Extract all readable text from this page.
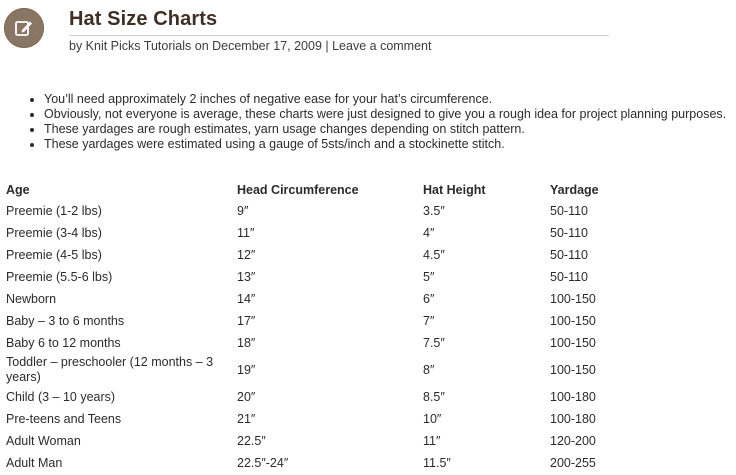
Hat Size Charts
by Knit Picks Tutorials on December 17, 2009 | Leave a comment
• You’ll need approximately 2 inches of negative ease for your hat’s circumference.
• Obviously, not everyone is average, these charts were just designed to give you a rough idea for project planning purposes.
• These yardages are rough estimates, yarn usage changes depending on stitch pattern.
• These yardages were estimated using a gauge of 5sts/inch and a stockinette stitch.
Age	Head Circumference	Hat Height	Yardage
Preemie (1-2 lbs)	9″	3.5″	50-110
Preemie (3-4 lbs)	11″	4″	50-110
Preemie (4-5 lbs)	12″	4.5″	50-110
Preemie (5.5-6 lbs)	13″	5″	50-110
Newborn	14″	6″	100-150
Baby – 3 to 6 months	17″	7″	100-150
Baby 6 to 12 months	18″	7.5″	100-150
Toddler – preschooler (12 months – 3 years)	19″	8″	100-150
Child (3 – 10 years)	20″	8.5″	100-180
Pre-teens and Teens	21″	10″	100-180
Adult Woman	22.5″	11″	120-200
Adult Man	22.5″-24″	11.5″	200-255
